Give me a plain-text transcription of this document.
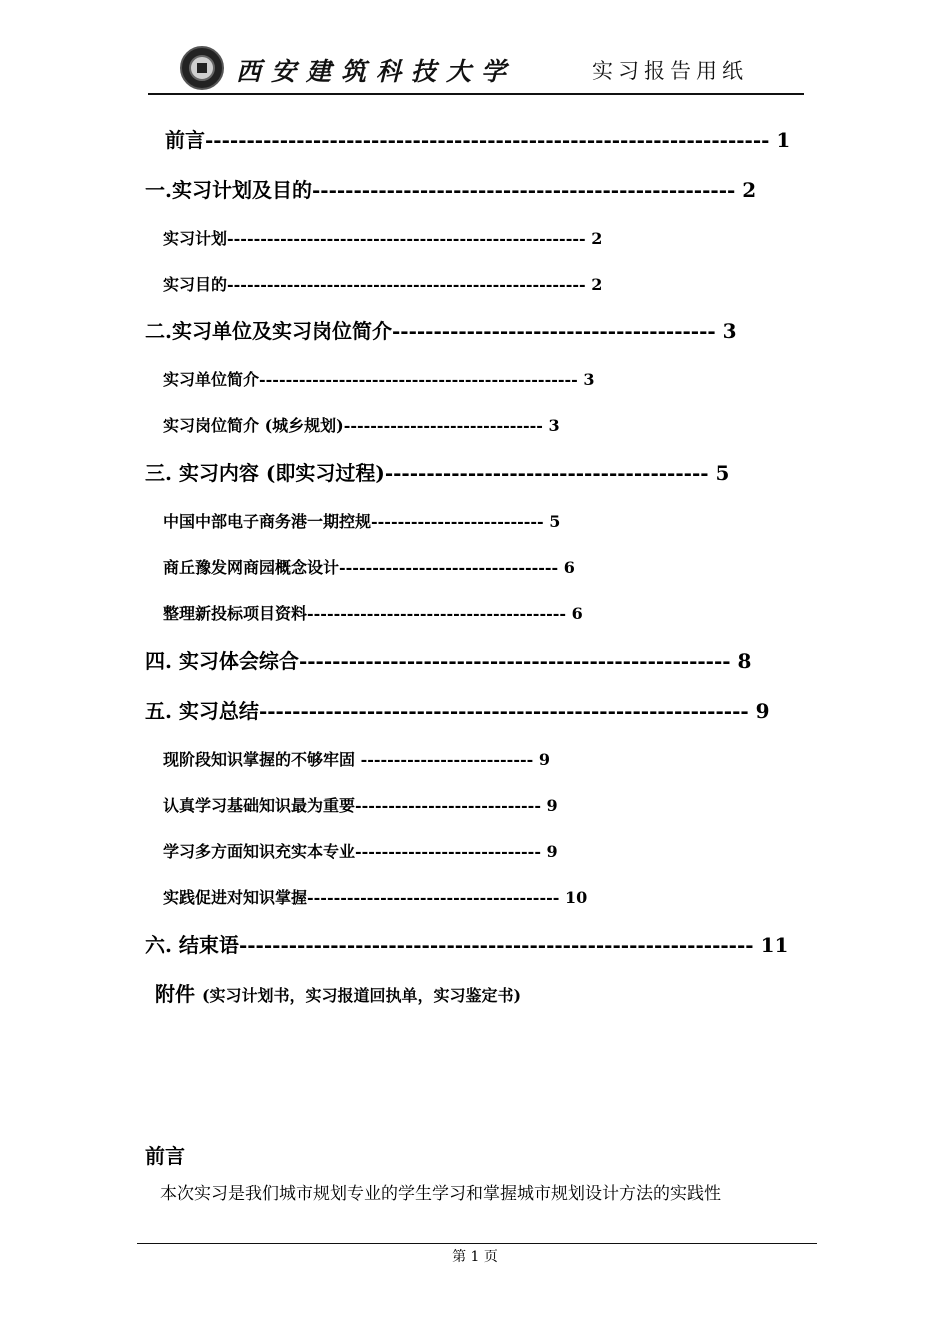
西安建筑科技大学	实习报告用纸
前言-------------------------------------------------------------------- 1
一.实习计划及目的--------------------------------------------------- 2
实习计划------------------------------------------------------ 2
实习目的------------------------------------------------------ 2
二.实习单位及实习岗位简介--------------------------------------- 3
实习单位简介------------------------------------------------ 3
实习岗位简介 (城乡规划)------------------------------ 3
三. 实习内容 (即实习过程)--------------------------------------- 5
中国中部电子商务港一期控规-------------------------- 5
商丘豫发网商园概念设计--------------------------------- 6
整理新投标项目资料--------------------------------------- 6
四. 实习体会综合---------------------------------------------------- 8
五. 实习总结----------------------------------------------------------- 9
现阶段知识掌握的不够牢固 -------------------------- 9
认真学习基础知识最为重要---------------------------- 9
学习多方面知识充实本专业---------------------------- 9
实践促进对知识掌握-------------------------------------- 10
六. 结束语-------------------------------------------------------------- 11
附件 (实习计划书，实习报道回执单，实习鉴定书)
前言
本次实习是我们城市规划专业的学生学习和掌握城市规划设计方法的实践性
第 1 页
